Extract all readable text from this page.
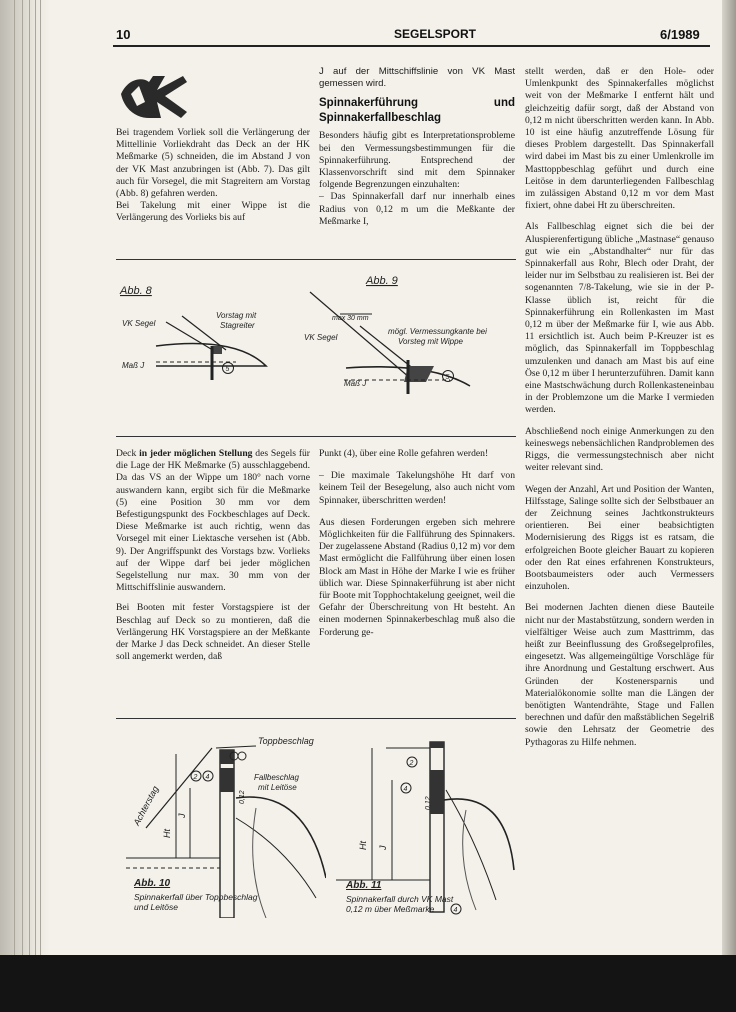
10	SEGELSPORT	6/1989

Bei tragendem Vorliek soll die Verlängerung der Mittellinie Vorliekdraht das Deck an der HK Meßmarke (5) schneiden, die im Abstand J von der VK Mast anzubringen ist (Abb. 7). Das gilt auch für Vorsegel, die mit Stagreitern am Vorstag (Abb. 8) gefahren werden.

Bei Takelung mit einer Wippe ist die Verlängerung des Vorlieks bis auf

J auf der Mittschiffslinie von VK Mast gemessen wird.

Spinnakerführung und Spinnakerfallbeschlag

Besonders häufig gibt es Interpretationsprobleme bei den Vermessungsbestimmungen für die Spinnakerführung. Entsprechend der Klassenvorschrift sind mit dem Spinnaker folgende Begrenzungen einzuhalten:

– Das Spinnakerfall darf nur innerhalb eines Radius von 0,12 m um die Meßkante der Meßmarke I,

stellt werden, daß er den Hole- oder Umlenkpunkt des Spinnakerfalles möglichst weit von der Meßmarke I entfernt hält und gleichzeitig dafür sorgt, daß der Abstand von 0,12 m nicht überschritten werden kann. In Abb. 10 ist eine häufig anzutreffende Lösung für dieses Problem dargestellt. Das Spinnakerfall wird dabei im Mast bis zu einer Umlenkrolle im Masttoppbeschlag geführt und durch eine Leitöse in dem darunterliegenden Fallbeschlag im zulässigen Abstand 0,12 m vor dem Mast fixiert, ohne dabei Ht zu überschreiten.

Als Fallbeschlag eignet sich die bei der Aluspierenfertigung übliche „Mastnase“ genauso gut wie ein „Abstandhalter“ nur für das Spinnakerfall aus Rohr, Blech oder Draht, der leider nur im Selbstbau zu realisieren ist. Bei der sogenannten 7/8-Takelung, wie sie in der P-Klasse üblich ist, reicht für die Spinnakerführung ein Rollenkasten im Mast 0,12 m über der Meßmarke für I, wie aus Abb. 11 ersichtlich ist. Auch beim P-Kreuzer ist es möglich, das Spinnakerfall im Toppbeschlag umzulenken und danach am Mast bis auf eine Öse 0,12 m über I herunterzuführen. Damit kann eine Mastschwächung durch Rollenkasteneinbau in der Problemzone um die Marke I vermieden werden.

Abschließend noch einige Anmerkungen zu den keineswegs nebensächlichen Randproblemen des Riggs, die vermessungstechnisch aber nicht weiter relevant sind.

Wegen der Anzahl, Art und Position der Wanten, Hilfsstage, Salinge sollte sich der Selbstbauer an der Zeichnung seines Jachtkonstrukteurs orientieren. Bei einer beabsichtigten Modernisierung des Riggs ist es ratsam, die erfolgreichen Boote gleicher Bauart zu kopieren oder den Rat eines erfahrenen Konstrukteurs, Bootsbaumeisters oder auch Vermessers einzuholen.

Bei modernen Jachten dienen diese Bauteile nicht nur der Mastabstützung, sondern werden in vielfältiger Weise auch zum Masttrimm, das heißt zur Beeinflussung des Großsegelprofiles, eingesetzt. Was allgemeingültige Vorschläge für ihre Anordnung und Gestaltung erschwert. Aus Gründen der Kostenersparnis und Materialökonomie sollte man die Längen der benötigten Wantendrähte, Stage und Fallen berechnen und dafür den maßstäblichen Segelriß sowie den Lehrsatz der Geometrie des Pythagoras zu Hilfe nehmen.

Abb. 8
VK Segel
Vorstag mit
Stagreiter
Maß J	5
Abb. 9
max 30 mm
VK Segel
mögl. Vermessungkante bei
Vorsteg mit Wippe
Maß J
5

Deck in jeder möglichen Stellung des Segels für die Lage der HK Meßmarke (5) ausschlaggebend. Da das VS an der Wippe um 180° nach vorne auswandern kann, ergibt sich für die Meßmarke (5) eine Position 30 mm vor dem Befestigungspunkt des Fockbeschlages auf Deck. Diese Meßmarke ist auch richtig, wenn das Vorsegel mit einer Liektasche versehen ist (Abb. 9). Der Angriffspunkt des Vorstags bzw. Vorlieks auf der Wippe darf bei jeder möglichen Segelstellung nur max. 30 mm von der Mittschiffslinie auswandern.

Bei Booten mit fester Vorstagspiere ist der Beschlag auf Deck so zu montieren, daß die Verlängerung HK Vorstagspiere an der Meßkante der Marke J das Deck schneidet. An dieser Stelle soll angemerkt werden, daß

Punkt (4), über eine Rolle gefahren werden!

– Die maximale Takelungshöhe Ht darf von keinem Teil der Besegelung, also auch nicht vom Spinnaker, überschritten werden!

Aus diesen Forderungen ergeben sich mehrere Möglichkeiten für die Fallführung des Spinnakers. Der zugelassene Abstand (Radius 0,12 m) vor dem Mast ermöglicht die Fallführung über einen losen Block am Mast in Höhe der Marke I wie es früher üblich war. Diese Spinnakerführung ist aber nicht für Boote mit Topphochtakelung geeignet, weil die Gefahr der Überschreitung von Ht besteht. An einen modernen Spinnakerbeschlag muß also die Forderung ge-

Toppbeschlag
Fallbeschlag
mit Leitöse
Achterstag
2 4
Ht
J
0,12
Abb. 10
Spinnakerfall über Toppbeschlag
und Leitöse
2
4
Ht J
0,12
Abb. 11
Spinnakerfall durch VK Mast
0,12 m über Meßmarke	4
